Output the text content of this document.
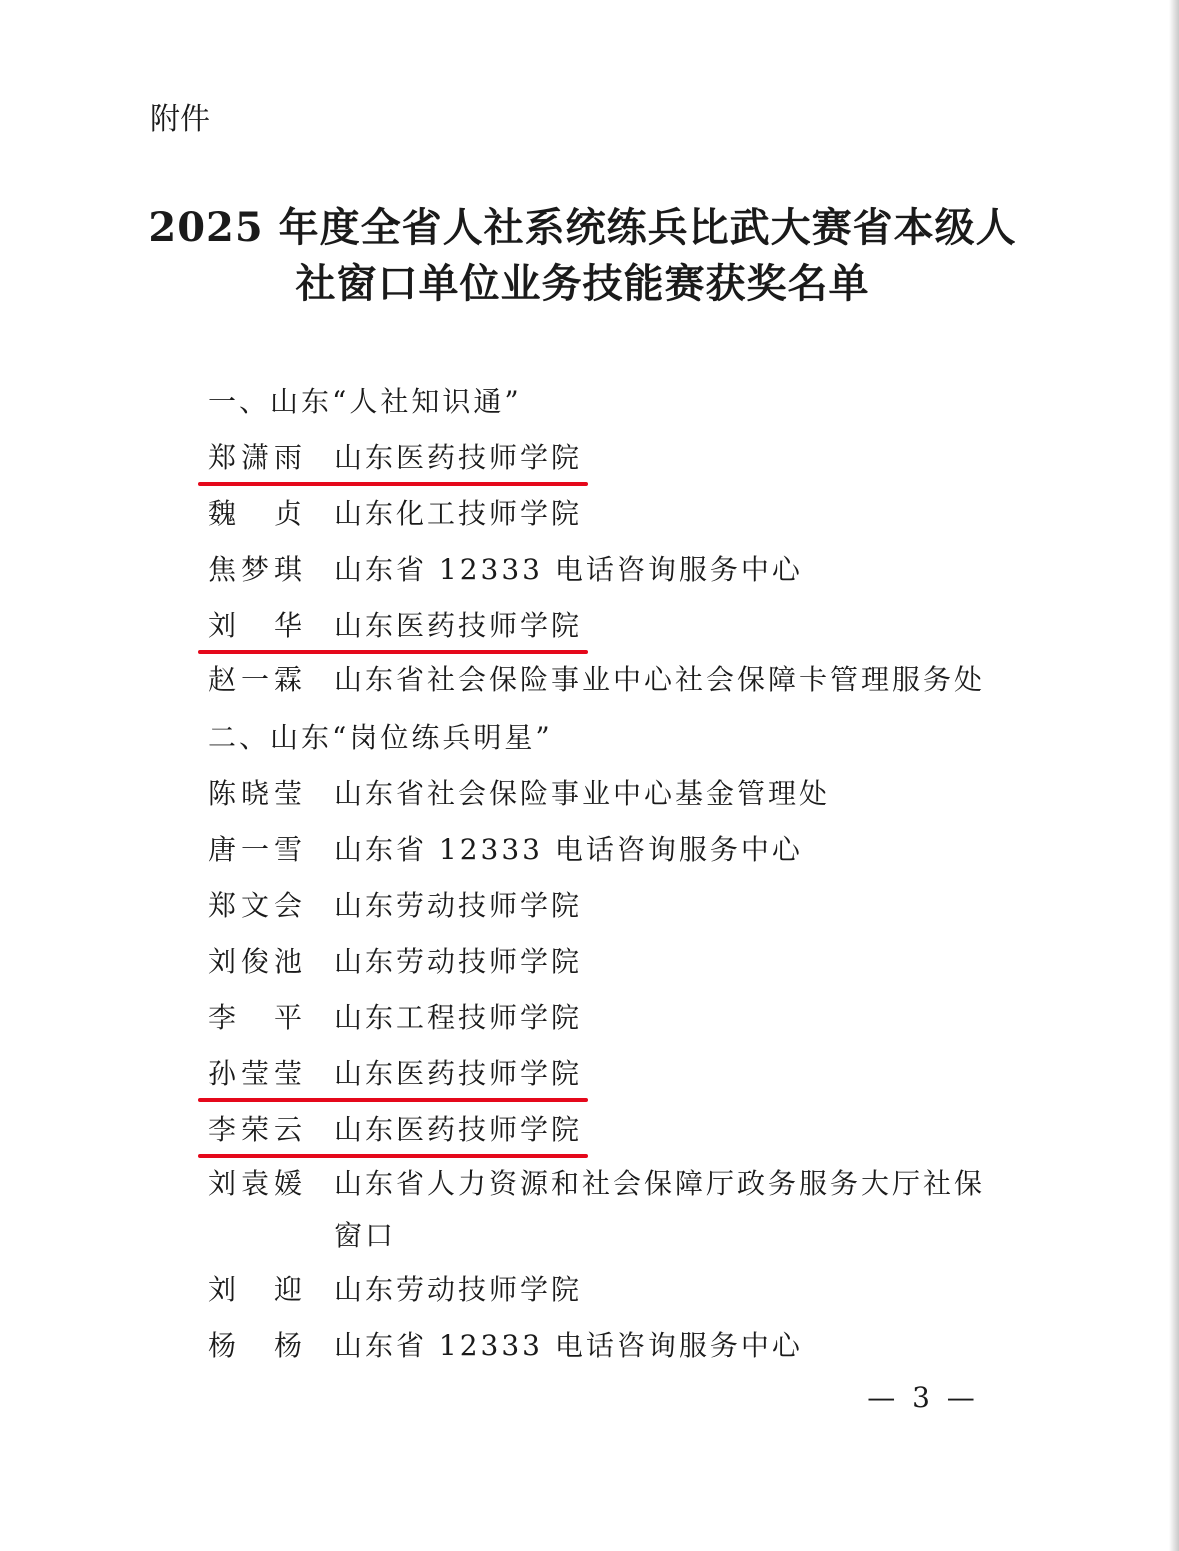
附件
2025 年度全省人社系统练兵比武大赛省本级人
社窗口单位业务技能赛获奖名单
一、山东“人社知识通”
郑 潇 雨 山东医药技师学院
魏 贞 山东化工技师学院
焦 梦 琪 山东省 12333 电话咨询服务中心
刘 华 山东医药技师学院
赵 一 霖 山东省社会保险事业中心社会保障卡管理服务处
二、山东“岗位练兵明星”
陈 晓 莹 山东省社会保险事业中心基金管理处
唐 一 雪 山东省 12333 电话咨询服务中心
郑 文 会 山东劳动技师学院
刘 俊 池 山东劳动技师学院
李 平 山东工程技师学院
孙 莹 莹 山东医药技师学院
李 荣 云 山东医药技师学院
刘 袁 媛 山东省人力资源和社会保障厅政务服务大厅社保窗口
刘 迎 山东劳动技师学院
杨 杨 山东省 12333 电话咨询服务中心
— 3 —
